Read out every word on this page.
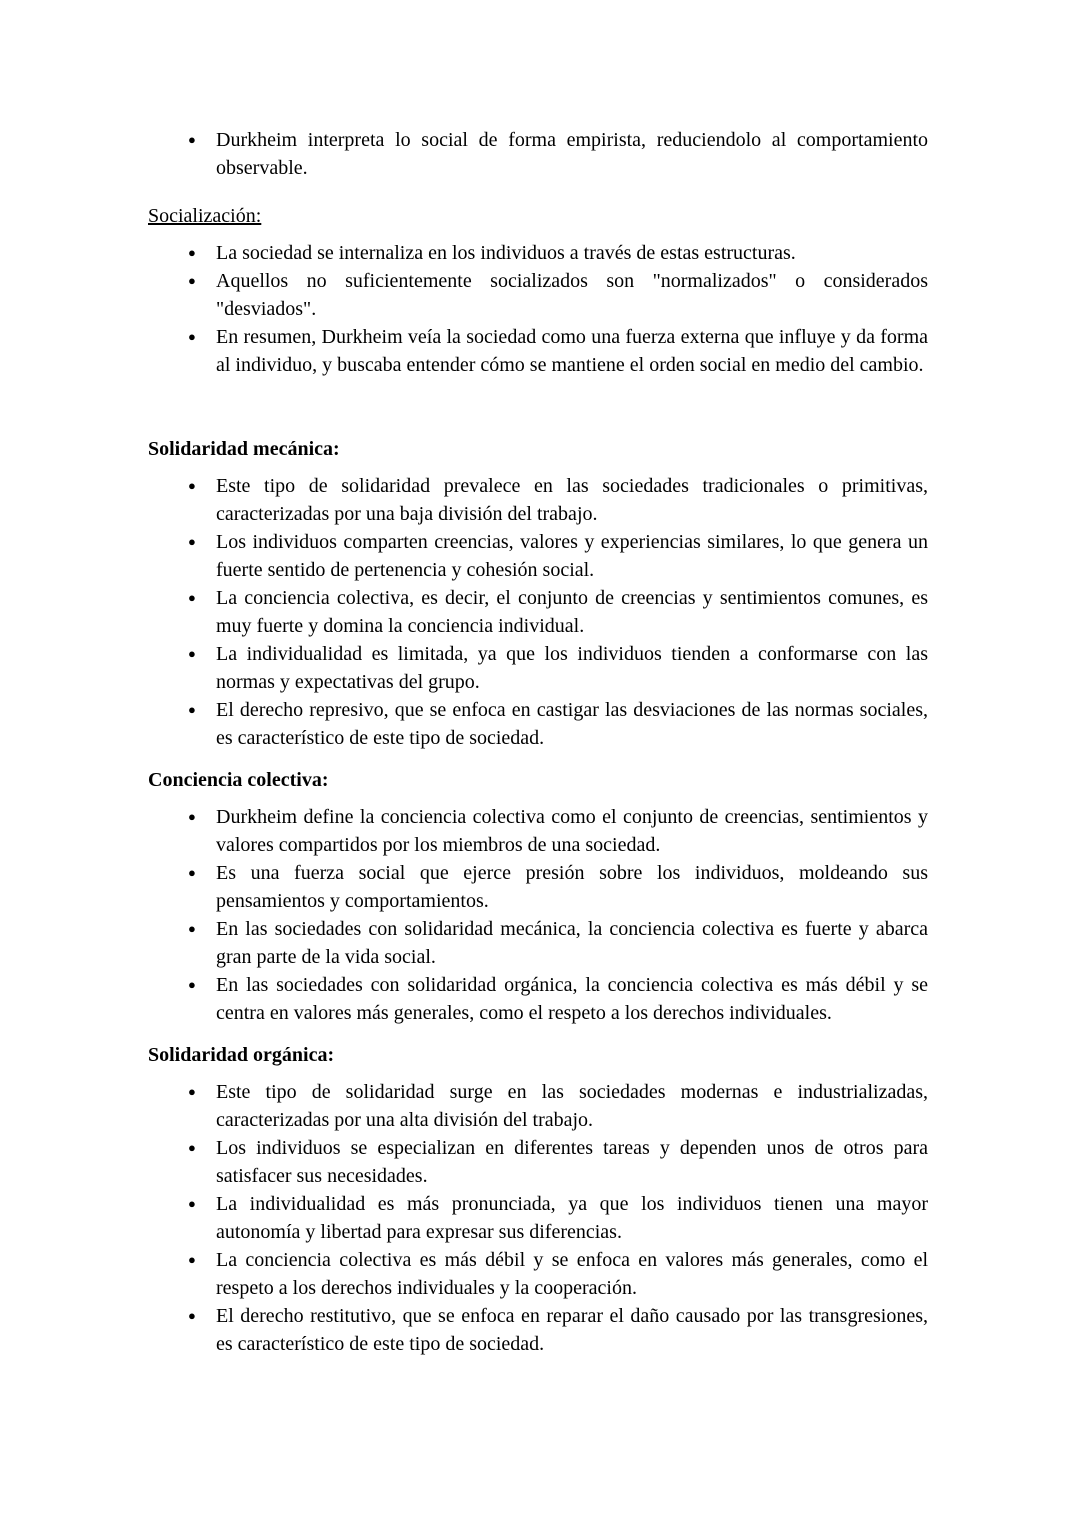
● Durkheim interpreta lo social de forma empirista, reduciendolo al comportamiento observable.
Socialización:
● La sociedad se internaliza en los individuos a través de estas estructuras.
● Aquellos no suficientemente socializados son "normalizados" o considerados "desviados".
● En resumen, Durkheim veía la sociedad como una fuerza externa que influye y da forma al individuo, y buscaba entender cómo se mantiene el orden social en medio del cambio.
Solidaridad mecánica:
● Este tipo de solidaridad prevalece en las sociedades tradicionales o primitivas, caracterizadas por una baja división del trabajo.
● Los individuos comparten creencias, valores y experiencias similares, lo que genera un fuerte sentido de pertenencia y cohesión social.
● La conciencia colectiva, es decir, el conjunto de creencias y sentimientos comunes, es muy fuerte y domina la conciencia individual.
● La individualidad es limitada, ya que los individuos tienden a conformarse con las normas y expectativas del grupo.
● El derecho represivo, que se enfoca en castigar las desviaciones de las normas sociales, es característico de este tipo de sociedad.
Conciencia colectiva:
● Durkheim define la conciencia colectiva como el conjunto de creencias, sentimientos y valores compartidos por los miembros de una sociedad.
● Es una fuerza social que ejerce presión sobre los individuos, moldeando sus pensamientos y comportamientos.
● En las sociedades con solidaridad mecánica, la conciencia colectiva es fuerte y abarca gran parte de la vida social.
● En las sociedades con solidaridad orgánica, la conciencia colectiva es más débil y se centra en valores más generales, como el respeto a los derechos individuales.
Solidaridad orgánica:
● Este tipo de solidaridad surge en las sociedades modernas e industrializadas, caracterizadas por una alta división del trabajo.
● Los individuos se especializan en diferentes tareas y dependen unos de otros para satisfacer sus necesidades.
● La individualidad es más pronunciada, ya que los individuos tienen una mayor autonomía y libertad para expresar sus diferencias.
● La conciencia colectiva es más débil y se enfoca en valores más generales, como el respeto a los derechos individuales y la cooperación.
● El derecho restitutivo, que se enfoca en reparar el daño causado por las transgresiones, es característico de este tipo de sociedad.
